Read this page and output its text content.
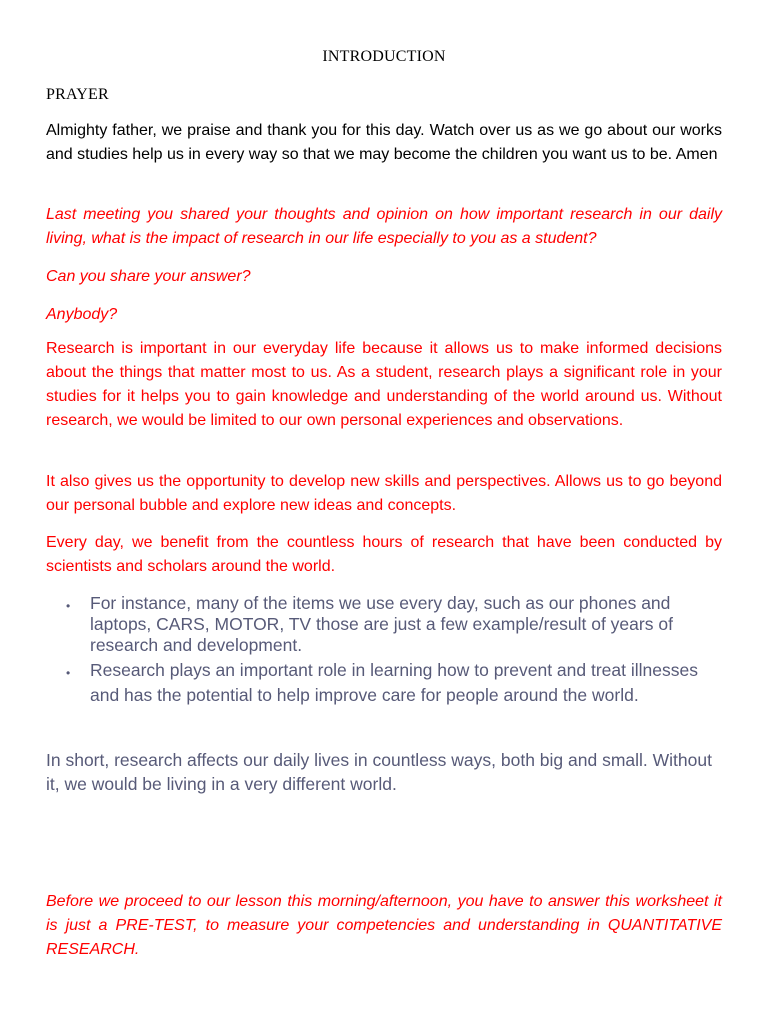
INTRODUCTION
PRAYER

Almighty father, we praise and thank you for this day. Watch over us as we go about our works and studies help us in every way so that we may become the children you want us to be. Amen

Last meeting you shared your thoughts and opinion on how important research in our daily living, what is the impact of research in our life especially to you as a student?

Can you share your answer?

Anybody?

Research is important in our everyday life because it allows us to make informed decisions about the things that matter most to us. As a student, research plays a significant role in your studies for it helps you to gain knowledge and understanding of the world around us. Without research, we would be limited to our own personal experiences and observations.

It also gives us the opportunity to develop new skills and perspectives. Allows us to go beyond our personal bubble and explore new ideas and concepts.

Every day, we benefit from the countless hours of research that have been conducted by scientists and scholars around the world.

• For instance, many of the items we use every day, such as our phones and laptops, CARS, MOTOR, TV those are just a few example/result of years of research and development.
• Research plays an important role in learning how to prevent and treat illnesses and has the potential to help improve care for people around the world.

In short, research affects our daily lives in countless ways, both big and small. Without it, we would be living in a very different world.

Before we proceed to our lesson this morning/afternoon, you have to answer this worksheet it is just a PRE-TEST, to measure your competencies and understanding in QUANTITATIVE RESEARCH.
